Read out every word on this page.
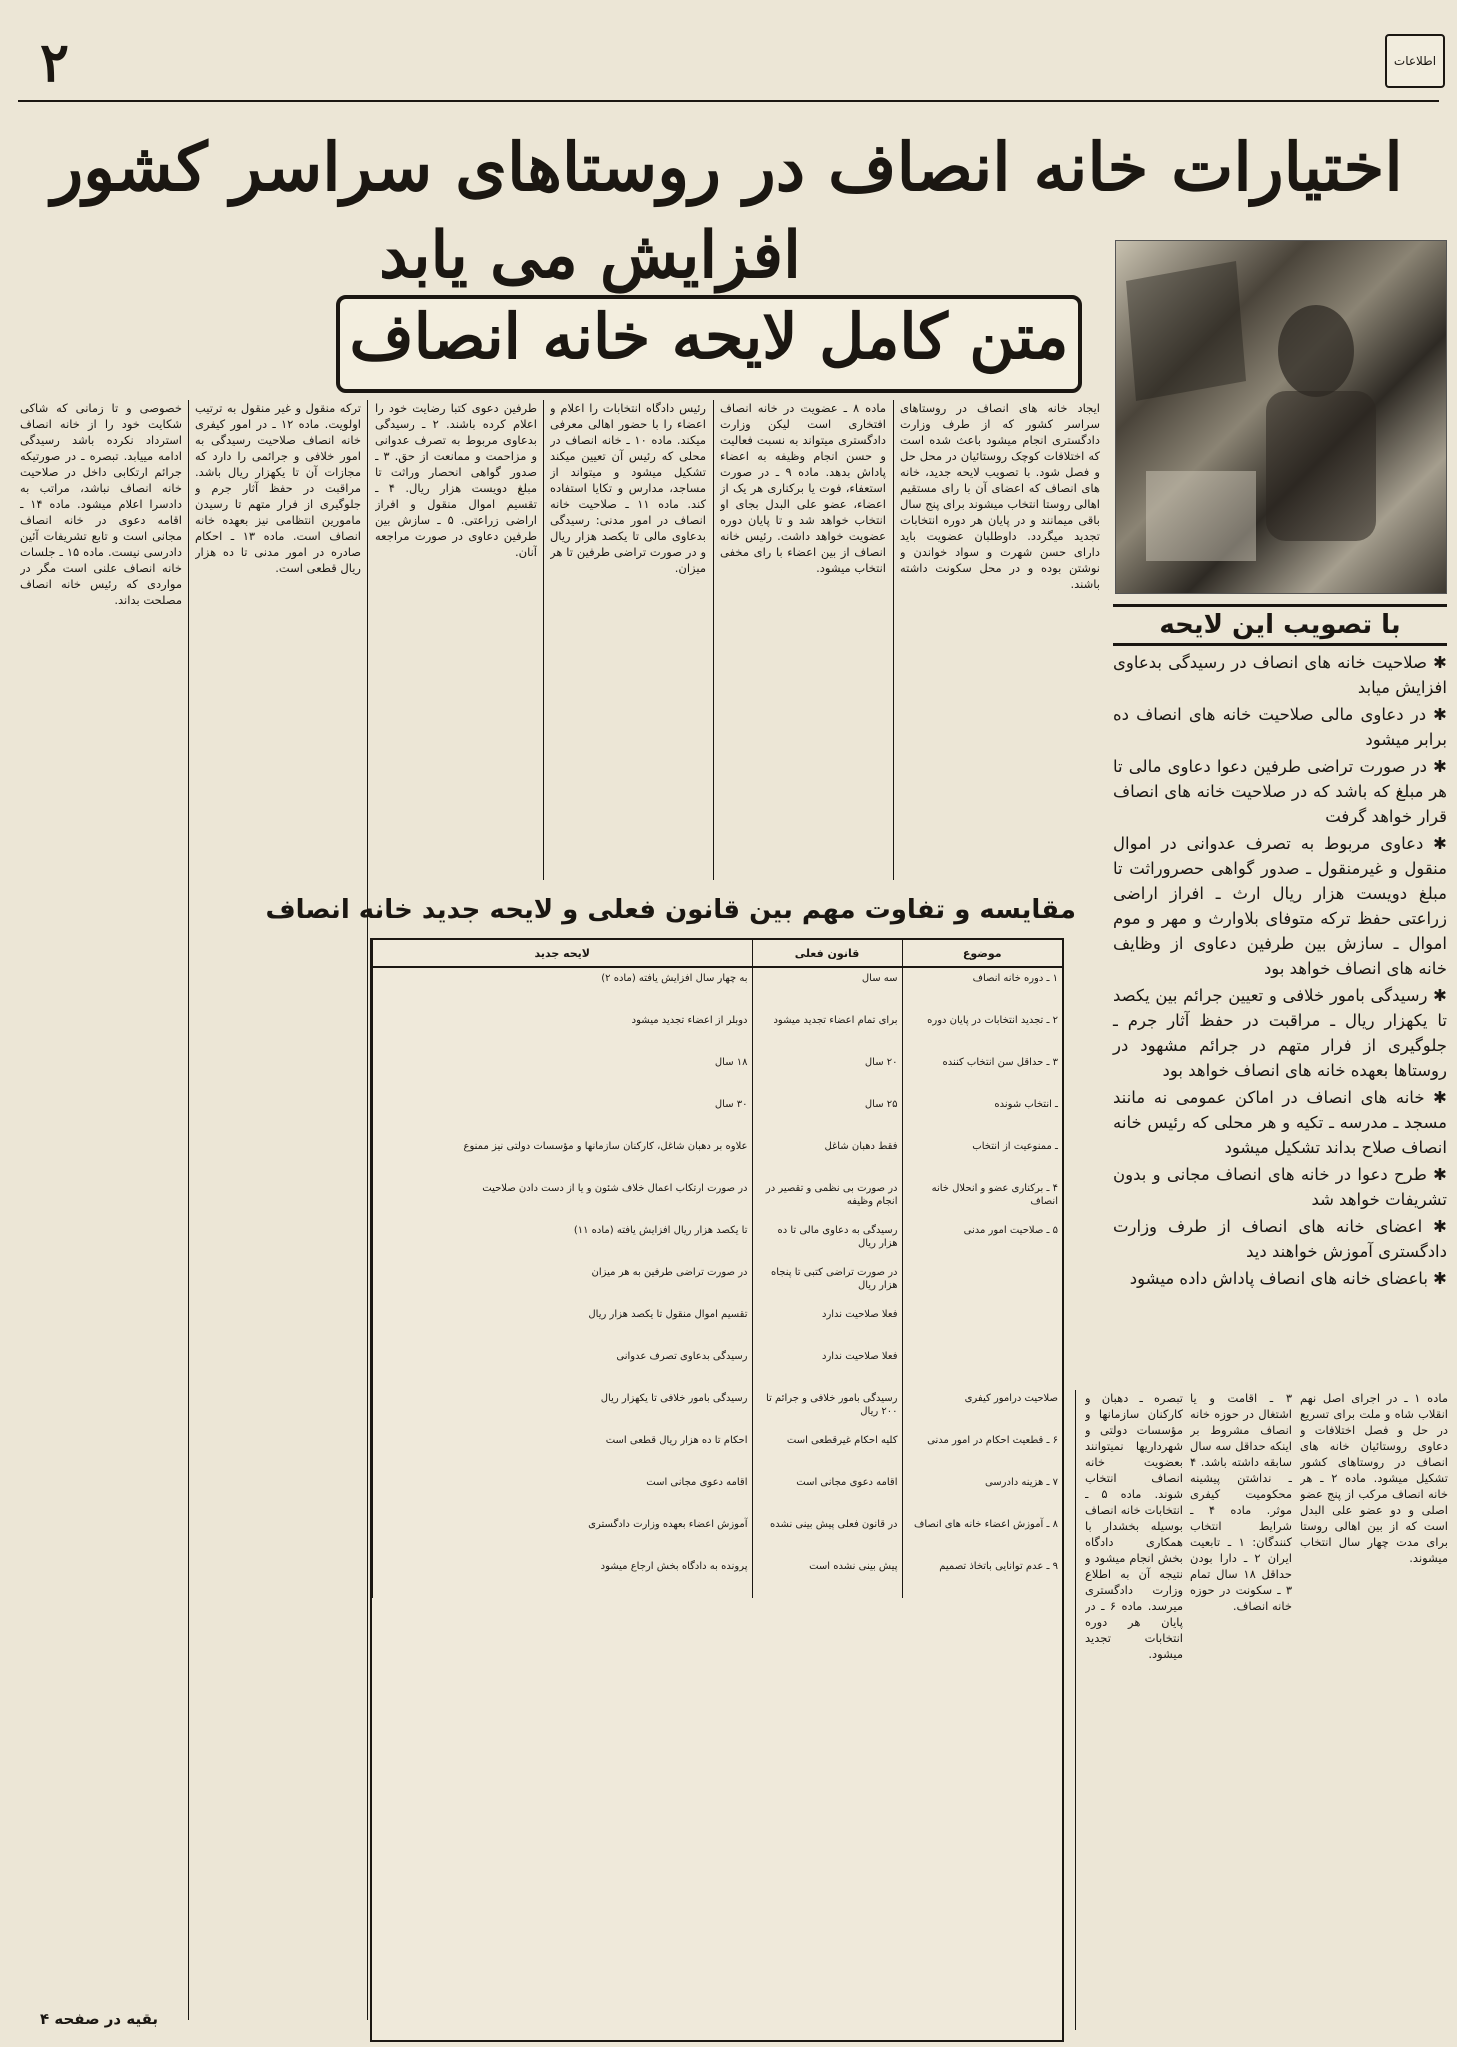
۲	اطلاعات
اختیارات خانه انصاف در روستاهای سراسر کشور
افزایش می یابد
متن کامل لایحه خانه انصاف
با تصویب این لایحه

✱ صلاحیت خانه های انصاف در رسیدگی بدعاوی افزایش میابد

✱ در دعاوی مالی صلاحیت خانه های انصاف ده برابر میشود

✱ در صورت تراضی طرفین دعوا دعاوی مالی تا هر مبلغ که باشد که در صلاحیت خانه های انصاف قرار خواهد گرفت

✱ دعاوی مربوط به تصرف عدوانی در اموال منقول و غیرمنقول ـ صدور گواهی حصروراثت تا مبلغ دویست هزار ریال ارث ـ افراز اراضی زراعتی حفظ ترکه متوفای بلاوارث و مهر و موم اموال ـ سازش بین طرفین دعاوی از وظایف خانه های انصاف خواهد بود

✱ رسیدگی بامور خلافی و تعیین جرائم بین یکصد تا یکهزار ریال ـ مراقبت در حفظ آثار جرم ـ جلوگیری از فرار متهم در جرائم مشهود در روستاها بعهده خانه های انصاف خواهد بود

✱ خانه های انصاف در اماکن عمومی نه مانند مسجد ـ مدرسه ـ تکیه و هر محلی که رئیس خانه انصاف صلاح بداند تشکیل میشود

✱ طرح دعوا در خانه های انصاف مجانی و بدون تشریفات خواهد شد

✱ اعضای خانه های انصاف از طرف وزارت دادگستری آموزش خواهند دید

✱ باعضای خانه های انصاف پاداش داده میشود

ایجاد خانه های انصاف در روستاهای سراسر کشور که از طرف وزارت دادگستری انجام میشود باعث شده است که اختلافات کوچک روستائیان در محل حل و فصل شود. با تصویب لایحه جدید، خانه های انصاف که اعضای آن با رای مستقیم اهالی روستا انتخاب میشوند برای پنج سال باقی میمانند و در پایان هر دوره انتخابات تجدید میگردد. داوطلبان عضویت باید دارای حسن شهرت و سواد خواندن و نوشتن بوده و در محل سکونت داشته باشند.
ماده ۸ ـ عضویت در خانه انصاف افتخاری است لیکن وزارت دادگستری میتواند به نسبت فعالیت و حسن انجام وظیفه به اعضاء پاداش بدهد. ماده ۹ ـ در صورت استعفاء، فوت یا برکناری هر یک از اعضاء، عضو علی البدل بجای او انتخاب خواهد شد و تا پایان دوره عضویت خواهد داشت. رئیس خانه انصاف از بین اعضاء با رای مخفی انتخاب میشود.
رئیس دادگاه انتخابات را اعلام و اعضاء را با حضور اهالی معرفی میکند. ماده ۱۰ ـ خانه انصاف در محلی که رئیس آن تعیین میکند تشکیل میشود و میتواند از مساجد، مدارس و تکایا استفاده کند. ماده ۱۱ ـ صلاحیت خانه انصاف در امور مدنی: رسیدگی بدعاوی مالی تا یکصد هزار ریال و در صورت تراضی طرفین تا هر میزان.
طرفین دعوی کتبا رضایت خود را اعلام کرده باشند. ۲ ـ رسیدگی بدعاوی مربوط به تصرف عدوانی و مزاحمت و ممانعت از حق. ۳ ـ صدور گواهی انحصار وراثت تا مبلغ دویست هزار ریال. ۴ ـ تقسیم اموال منقول و افراز اراضی زراعتی. ۵ ـ سازش بین طرفین دعاوی در صورت مراجعه آنان.
ترکه منقول و غیر منقول به ترتیب اولویت. ماده ۱۲ ـ در امور کیفری خانه انصاف صلاحیت رسیدگی به امور خلافی و جرائمی را دارد که مجازات آن تا یکهزار ریال باشد. مراقبت در حفظ آثار جرم و جلوگیری از فرار متهم تا رسیدن مامورین انتظامی نیز بعهده خانه انصاف است. ماده ۱۳ ـ احکام صادره در امور مدنی تا ده هزار ریال قطعی است.
خصوصی و تا زمانی که شاکی شکایت خود را از خانه انصاف استرداد نکرده باشد رسیدگی ادامه مییابد. تبصره ـ در صورتیکه جرائم ارتکابی داخل در صلاحیت خانه انصاف نباشد، مراتب به دادسرا اعلام میشود. ماده ۱۴ ـ اقامه دعوی در خانه انصاف مجانی است و تابع تشریفات آئین دادرسی نیست. ماده ۱۵ ـ جلسات خانه انصاف علنی است مگر در مواردی که رئیس خانه انصاف مصلحت بداند.
مقایسه و تفاوت مهم بین قانون فعلی و لایحه جدید خانه انصاف
موضوع	قانون فعلی	لایحه جدید
۱ ـ دوره خانه انصاف	سه سال	به چهار سال افزایش یافته (ماده ۲)
۲ ـ تجدید انتخابات در پایان دوره	برای تمام اعضاء تجدید میشود	دوبلر از اعضاء تجدید میشود
۳ ـ حداقل سن انتخاب کننده	۲۰ سال	۱۸ سال
ـ انتخاب شونده	۲۵ سال	۳۰ سال
ـ ممنوعیت از انتخاب	فقط دهبان شاغل	علاوه بر دهبان شاغل، کارکنان سازمانها و مؤسسات دولتی نیز ممنوع
۴ ـ برکناری عضو و انحلال خانه انصاف	در صورت بی نظمی و تقصیر در انجام وظیفه	در صورت ارتکاب اعمال خلاف شئون و یا از دست دادن صلاحیت
۵ ـ صلاحیت امور مدنی	رسیدگی به دعاوی مالی تا ده هزار ریال	تا یکصد هزار ریال افزایش یافته (ماده ۱۱)
	در صورت تراضی کتبی تا پنجاه هزار ریال	در صورت تراضی طرفین به هر میزان
	فعلا صلاحیت ندارد	تقسیم اموال منقول تا یکصد هزار ریال
	فعلا صلاحیت ندارد	رسیدگی بدعاوی تصرف عدوانی
صلاحیت درامور کیفری	رسیدگی بامور خلافی و جرائم تا ۲۰۰ ریال	رسیدگی بامور خلافی تا یکهزار ریال
۶ ـ قطعیت احکام در امور مدنی	کلیه احکام غیرقطعی است	احکام تا ده هزار ریال قطعی است
۷ ـ هزینه دادرسی	اقامه دعوی مجانی است	اقامه دعوی مجانی است
۸ ـ آموزش اعضاء خانه های انصاف	در قانون فعلی پیش بینی نشده	آموزش اعضاء بعهده وزارت دادگستری
۹ ـ عدم توانایی باتخاذ تصمیم	پیش بینی نشده است	پرونده به دادگاه بخش ارجاع میشود
ماده ۱ ـ در اجرای اصل نهم انقلاب شاه و ملت برای تسریع در حل و فصل اختلافات و دعاوی روستائیان خانه های انصاف در روستاهای کشور تشکیل میشود. ماده ۲ ـ هر خانه انصاف مرکب از پنج عضو اصلی و دو عضو علی البدل است که از بین اهالی روستا برای مدت چهار سال انتخاب میشوند.
۳ ـ اقامت و یا اشتغال در حوزه خانه انصاف مشروط بر اینکه حداقل سه سال سابقه داشته باشد. ۴ ـ نداشتن پیشینه محکومیت کیفری موثر. ماده ۴ ـ شرایط انتخاب کنندگان: ۱ ـ تابعیت ایران ۲ ـ دارا بودن حداقل ۱۸ سال تمام ۳ ـ سکونت در حوزه خانه انصاف.
تبصره ـ دهبان و کارکنان سازمانها و مؤسسات دولتی و شهرداریها نمیتوانند بعضویت خانه انصاف انتخاب شوند. ماده ۵ ـ انتخابات خانه انصاف بوسیله بخشدار با همکاری دادگاه بخش انجام میشود و نتیجه آن به اطلاع وزارت دادگستری میرسد. ماده ۶ ـ در پایان هر دوره انتخابات تجدید میشود.
بقیه در صفحه ۴
